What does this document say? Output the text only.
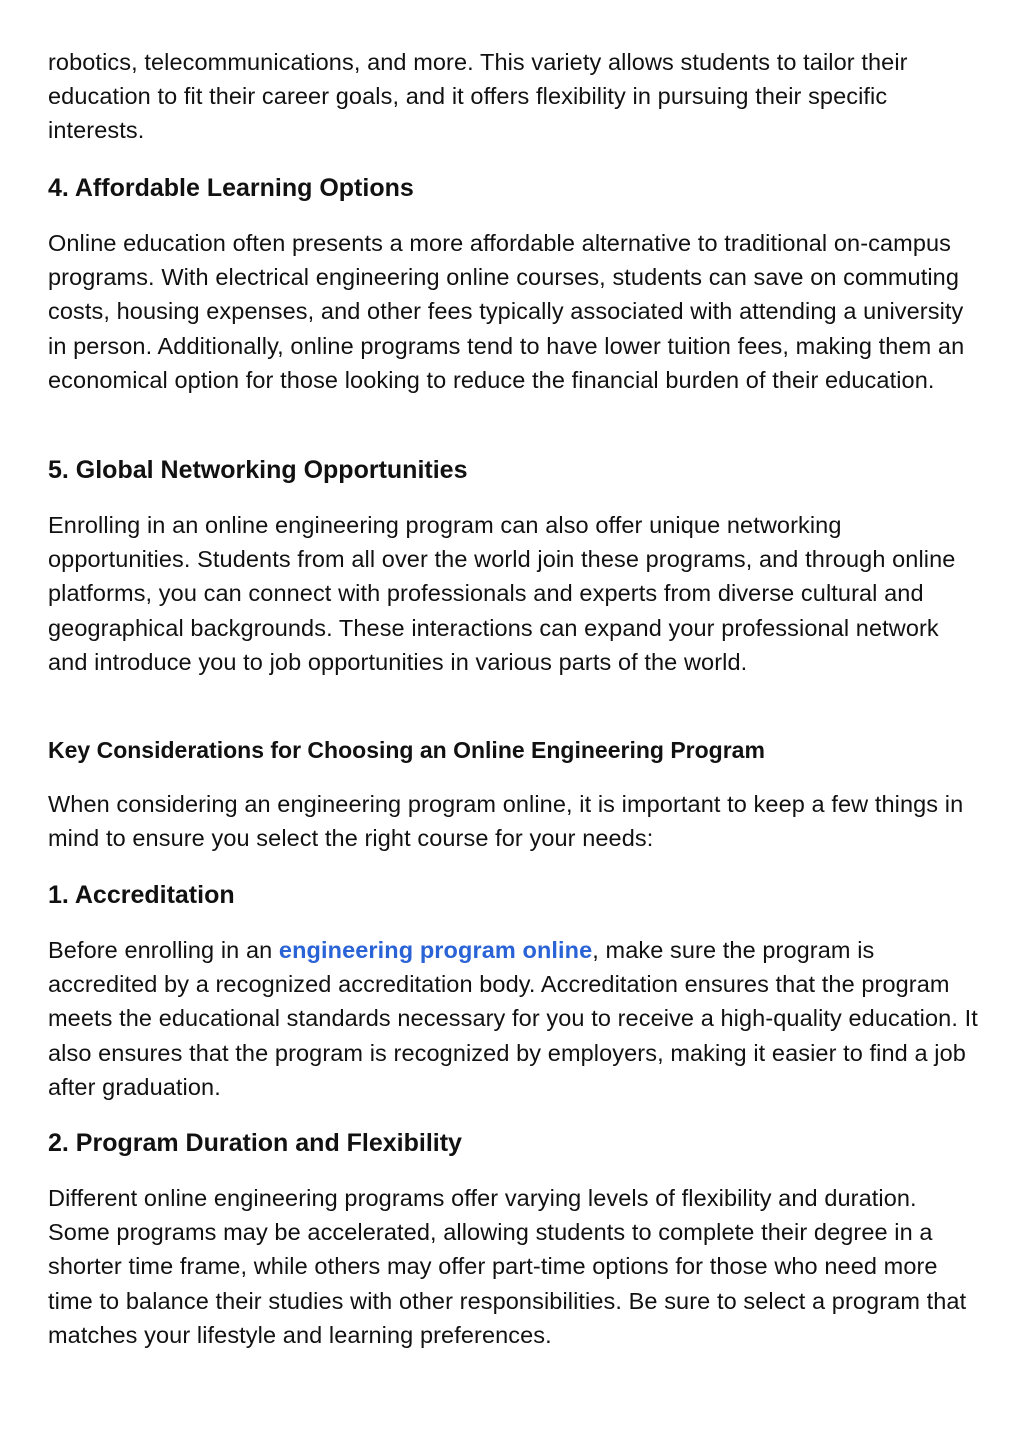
robotics, telecommunications, and more. This variety allows students to tailor their education to fit their career goals, and it offers flexibility in pursuing their specific interests.

4. Affordable Learning Options

Online education often presents a more affordable alternative to traditional on-campus programs. With electrical engineering online courses, students can save on commuting costs, housing expenses, and other fees typically associated with attending a university in person. Additionally, online programs tend to have lower tuition fees, making them an economical option for those looking to reduce the financial burden of their education.

5. Global Networking Opportunities

Enrolling in an online engineering program can also offer unique networking opportunities. Students from all over the world join these programs, and through online platforms, you can connect with professionals and experts from diverse cultural and geographical backgrounds. These interactions can expand your professional network and introduce you to job opportunities in various parts of the world.

Key Considerations for Choosing an Online Engineering Program

When considering an engineering program online, it is important to keep a few things in mind to ensure you select the right course for your needs:

1. Accreditation

Before enrolling in an engineering program online, make sure the program is accredited by a recognized accreditation body. Accreditation ensures that the program meets the educational standards necessary for you to receive a high-quality education. It also ensures that the program is recognized by employers, making it easier to find a job after graduation.

2. Program Duration and Flexibility

Different online engineering programs offer varying levels of flexibility and duration. Some programs may be accelerated, allowing students to complete their degree in a shorter time frame, while others may offer part-time options for those who need more time to balance their studies with other responsibilities. Be sure to select a program that matches your lifestyle and learning preferences.
